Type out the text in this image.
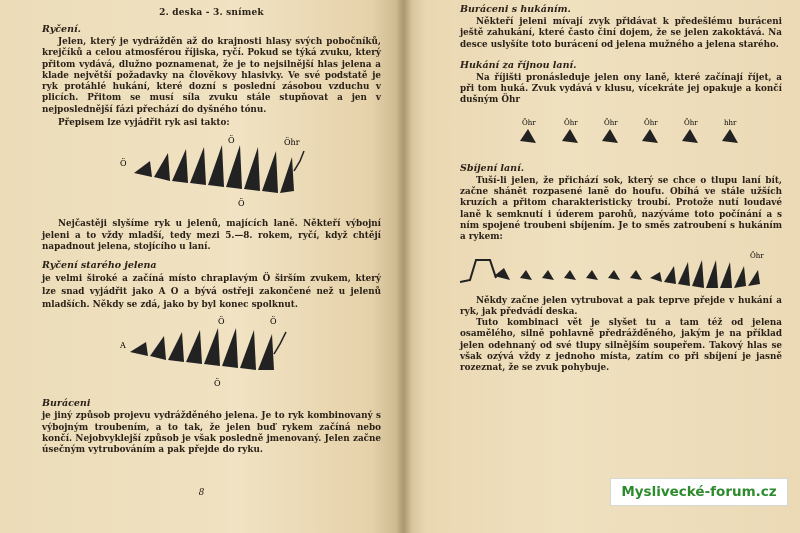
2. deska - 3. snímek
Ryčení.

Jelen, který je vydrážděn až do krajnosti hlasy svých pobočníků, krejčíků a celou atmosférou říjiska, ryčí. Pokud se týká zvuku, který přitom vydává, dlužno poznamenat, že je to nejsilnější hlas jelena a klade největší požadavky na člověkovy hlasivky. Ve své podstatě je ryk protáhlé hukání, které dozní s poslední zásobou vzduchu v plicích. Přitom se musí síla zvuku stále stupňovat a jen v nejposlednější fázi přechází do dyšného tónu.

Přepisem lze vyjádřit ryk asi takto:

Ö
Ö	Öhr
Ö

Nejčastěji slyšíme ryk u jelenů, majících laně. Někteří výbojní jeleni a to vždy mladší, tedy mezi 5.—8. rokem, ryčí, když chtějí napadnout jelena, stojícího u laní.

Ryčení starého jelena

je velmi široké a začíná místo chraplavým Ö širším zvukem, který lze snad vyjádřit jako A O a bývá ostřeji zakončené než u jelenů mladších. Někdy se zdá, jako by byl konec spolknut.

A
Ö	Ö
Ö
Buráceni

je jiný způsob projevu vydrážděného jelena. Je to ryk kombinovaný s výbojným troubením, a to tak, že jelen buď rykem začíná nebo končí. Nejobvyklejší způsob je však posledně jmenovaný. Jelen začne úsečným vytrubováním a pak přejde do ryku.

8
Buráceni s hukáním.

Někteří jeleni mívají zvyk přidávat k předešlému buráceni ještě zahukání, které často činí dojem, že se jelen zakoktává. Na desce uslyšíte toto burácení od jelena mužného a jelena starého.

Hukání za říjnou laní.

Na říjišti pronásleduje jelen ony laně, které začínají říjet, a při tom huká. Zvuk vydává v klusu, vícekráte jej opakuje a končí dušným Öhr

Öhr	Öhr	Öhr	Öhr	Öhr	hhr
Sbíjení laní.

Tuší-li jelen, že přichází sok, který se chce o tlupu laní bít, začne shánět rozpasené laně do houfu. Obíhá ve stále užších kruzích a přitom charakteristicky troubí. Protože nutí loudavé laně k semknutí i úderem parohů, nazýváme toto počínání a s ním spojené troubeni sbíjením. Je to směs zatroubení s hukáním a rykem:

Öhr

Někdy začne jelen vytrubovat a pak teprve přejde v hukání a ryk, jak předvádí deska.

Tuto kombinaci vět je slyšet tu a tam též od jelena osamělého, silně pohlavně předrážděného, jakým je na příklad jelen odehnaný od své tlupy silnějším soupeřem. Takový hlas se však ozývá vždy z jednoho místa, zatím co při sbíjení je jasně rozeznat, že se zvuk pohybuje.

Myslivecké-forum.cz
